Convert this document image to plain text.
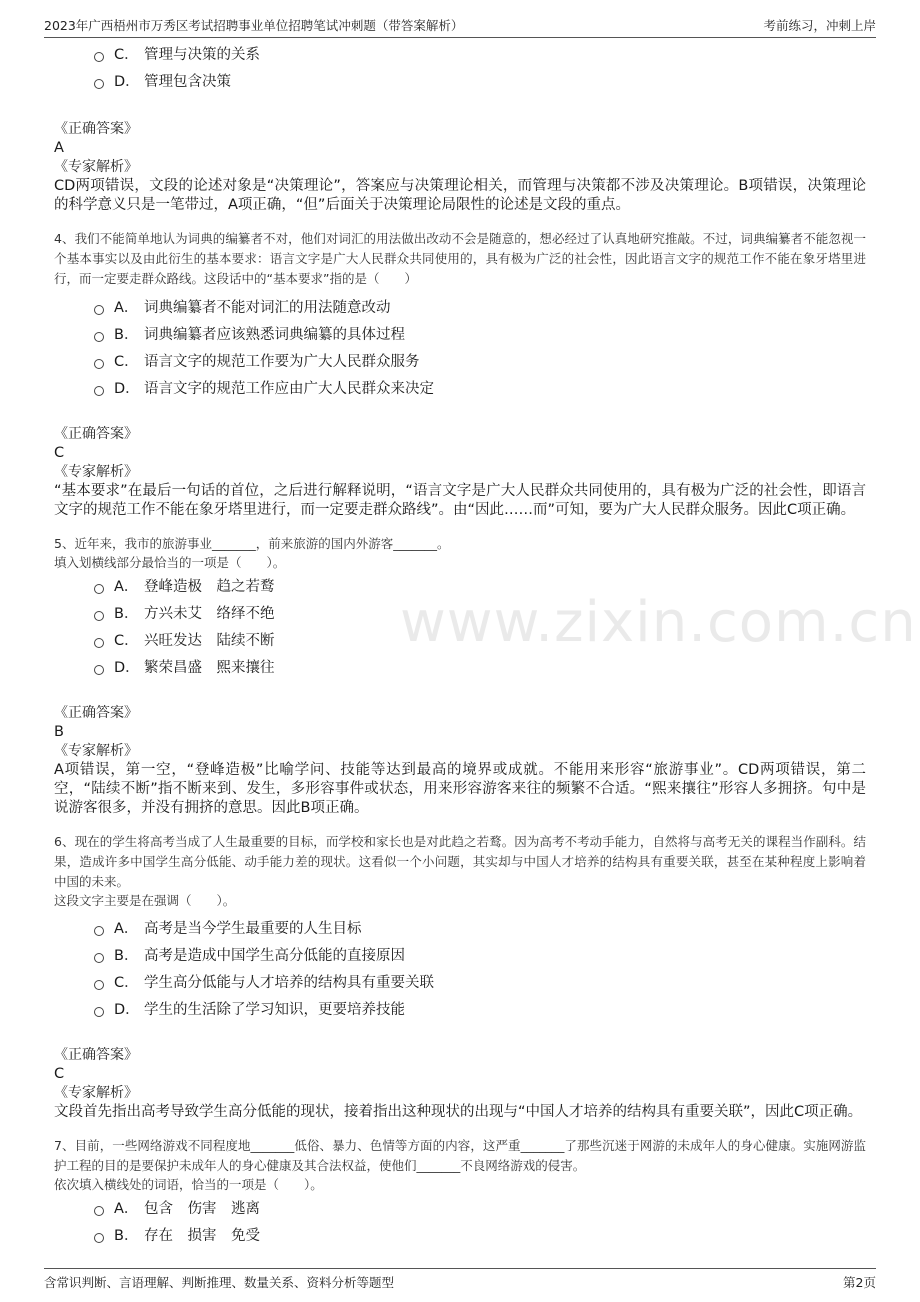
2023年广西梧州市万秀区考试招聘事业单位招聘笔试冲刺题（带答案解析）	考前练习，冲刺上岸
www.zixin.com.cn
C． 管理与决策的关系
D． 管理包含决策
《正确答案》
A
《专家解析》
CD两项错误，文段的论述对象是“决策理论”，答案应与决策理论相关，而管理与决策都不涉及决策理论。B项错误，决策理论的科学意义只是一笔带过，A项正确，“但”后面关于决策理论局限性的论述是文段的重点。
4、我们不能简单地认为词典的编纂者不对，他们对词汇的用法做出改动不会是随意的，想必经过了认真地研究推敲。不过，词典编纂者不能忽视一个基本事实以及由此衍生的基本要求：语言文字是广大人民群众共同使用的，具有极为广泛的社会性，因此语言文字的规范工作不能在象牙塔里进行，而一定要走群众路线。这段话中的“基本要求”指的是（　　）
A． 词典编纂者不能对词汇的用法随意改动
B． 词典编纂者应该熟悉词典编纂的具体过程
C． 语言文字的规范工作要为广大人民群众服务
D． 语言文字的规范工作应由广大人民群众来决定
《正确答案》
C
《专家解析》
“基本要求”在最后一句话的首位，之后进行解释说明，“语言文字是广大人民群众共同使用的，具有极为广泛的社会性，即语言文字的规范工作不能在象牙塔里进行，而一定要走群众路线”。由“因此……而”可知，要为广大人民群众服务。因此C项正确。
5、近年来，我市的旅游事业_______，前来旅游的国内外游客_______。
填入划横线部分最恰当的一项是（　　）。
A． 登峰造极　趋之若鹜
B． 方兴未艾　络绎不绝
C． 兴旺发达　陆续不断
D． 繁荣昌盛　熙来攘往
《正确答案》
B
《专家解析》
A项错误，第一空，“登峰造极”比喻学问、技能等达到最高的境界或成就。不能用来形容“旅游事业”。CD两项错误，第二空，“陆续不断”指不断来到、发生，多形容事件或状态，用来形容游客来往的频繁不合适。“熙来攘往”形容人多拥挤。句中是说游客很多，并没有拥挤的意思。因此B项正确。
6、现在的学生将高考当成了人生最重要的目标，而学校和家长也是对此趋之若鹜。因为高考不考动手能力，自然将与高考无关的课程当作副科。结果，造成许多中国学生高分低能、动手能力差的现状。这看似一个小问题，其实却与中国人才培养的结构具有重要关联，甚至在某种程度上影响着中国的未来。
这段文字主要是在强调（　　）。
A． 高考是当今学生最重要的人生目标
B． 高考是造成中国学生高分低能的直接原因
C． 学生高分低能与人才培养的结构具有重要关联
D． 学生的生活除了学习知识，更要培养技能
《正确答案》
C
《专家解析》
文段首先指出高考导致学生高分低能的现状，接着指出这种现状的出现与“中国人才培养的结构具有重要关联”，因此C项正确。
7、目前，一些网络游戏不同程度地_______低俗、暴力、色情等方面的内容，这严重_______了那些沉迷于网游的未成年人的身心健康。实施网游监护工程的目的是要保护未成年人的身心健康及其合法权益，使他们_______不良网络游戏的侵害。
依次填入横线处的词语，恰当的一项是（　　）。
A． 包含　伤害　逃离
B． 存在　损害　免受
含常识判断、言语理解、判断推理、数量关系、资料分析等题型	第2页
